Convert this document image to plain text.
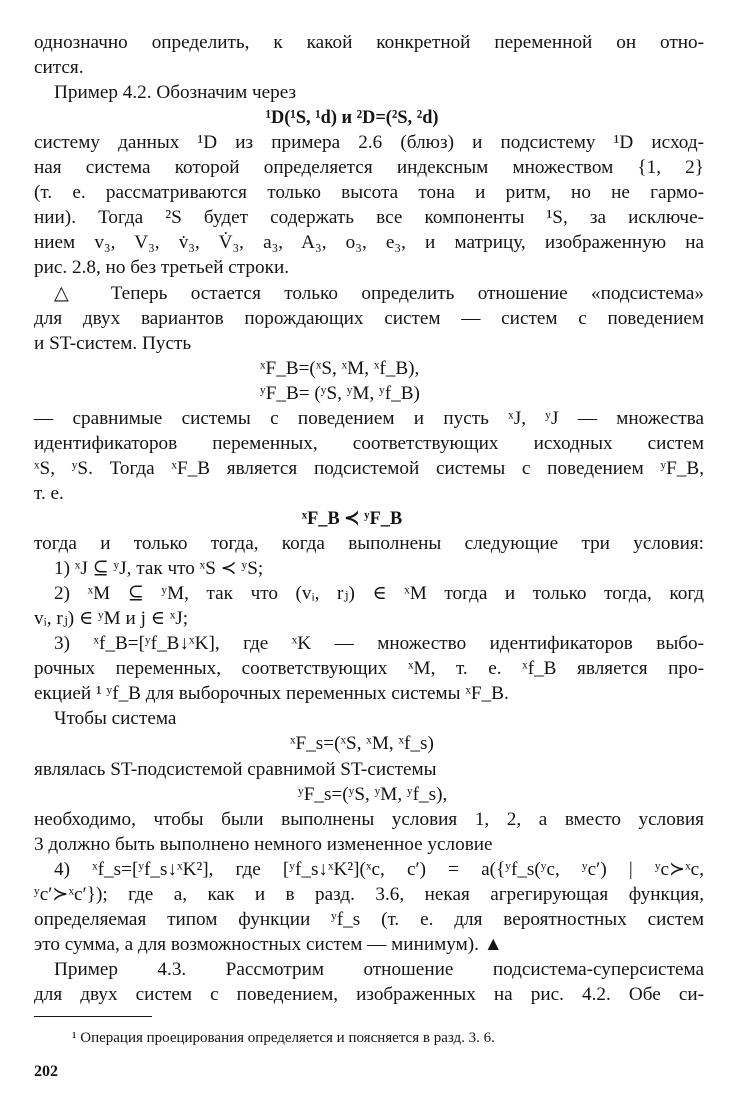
однозначно определить, к какой конкретной переменной он отно-
сится.
Пример 4.2. Обозначим через
¹D(¹S, ¹d) и ²D=(²S, ²d)
систему данных ¹D из примера 2.6 (блюз) и подсистему ¹D исход-
ная система которой определяется индексным множеством {1, 2}
(т. е. рассматриваются только высота тона и ритм, но не гармо-
нии). Тогда ²S будет содержать все компоненты ¹S, за исключе-
нием v₃, V₃, v̇₃, V̇₃, a₃, A₃, o₃, e₃, и матрицу, изображенную на
рис. 2.8, но без третьей строки.
△ Теперь остается только определить отношение «подсистема»
для двух вариантов порождающих систем — систем с поведением
и ST-систем. Пусть
ˣF_B=(ˣS, ˣM, ˣf_B),
ʸF_B= (ʸS, ʸM, ʸf_B)
— сравнимые системы с поведением и пусть ˣJ, ʸJ — множества
идентификаторов переменных, соответствующих исходных систем
ˣS, ʸS. Тогда ˣF_B является подсистемой системы с поведением ʸF_B,
т. е.
ˣF_B ≺ ʸF_B
тогда и только тогда, когда выполнены следующие три условия:
1) ˣJ ⊆ ʸJ, так что ˣS ≺ ʸS;
2) ˣM ⊆ ʸM, так что (vᵢ, rⱼ) ∈ ˣM тогда и только тогда, когд
vᵢ, rⱼ) ∈ ʸM и j ∈ ˣJ;
3) ˣf_B=[ʸf_B↓ˣK], где ˣK — множество идентификаторов выбо-
рочных переменных, соответствующих ˣM, т. е. ˣf_B является про-
екцией ¹ ʸf_B для выборочных переменных системы ˣF_B.
Чтобы система
ˣF_s=(ˣS, ˣM, ˣf_s)
являлась ST-подсистемой сравнимой ST-системы
ʸF_s=(ʸS, ʸM, ʸf_s),
необходимо, чтобы были выполнены условия 1, 2, а вместо условия
3 должно быть выполнено немного измененное условие
4) ˣf_s=[ʸf_s↓ˣK²], где [ʸf_s↓ˣK²](ˣc, c′) = a({ʸf_s(ʸc, ʸc′) | ʸc≻ˣc,
ʸc′≻ˣc′}); где a, как и в разд. 3.6, некая агрегирующая функция,
определяемая типом функции ʸf_s (т. е. для вероятностных систем
это сумма, а для возможностных систем — минимум). ▲
Пример 4.3. Рассмотрим отношение подсистема-суперсистема
для двух систем с поведением, изображенных на рис. 4.2. Обе си-
¹ Операция проецирования определяется и поясняется в разд. 3. 6.
202
